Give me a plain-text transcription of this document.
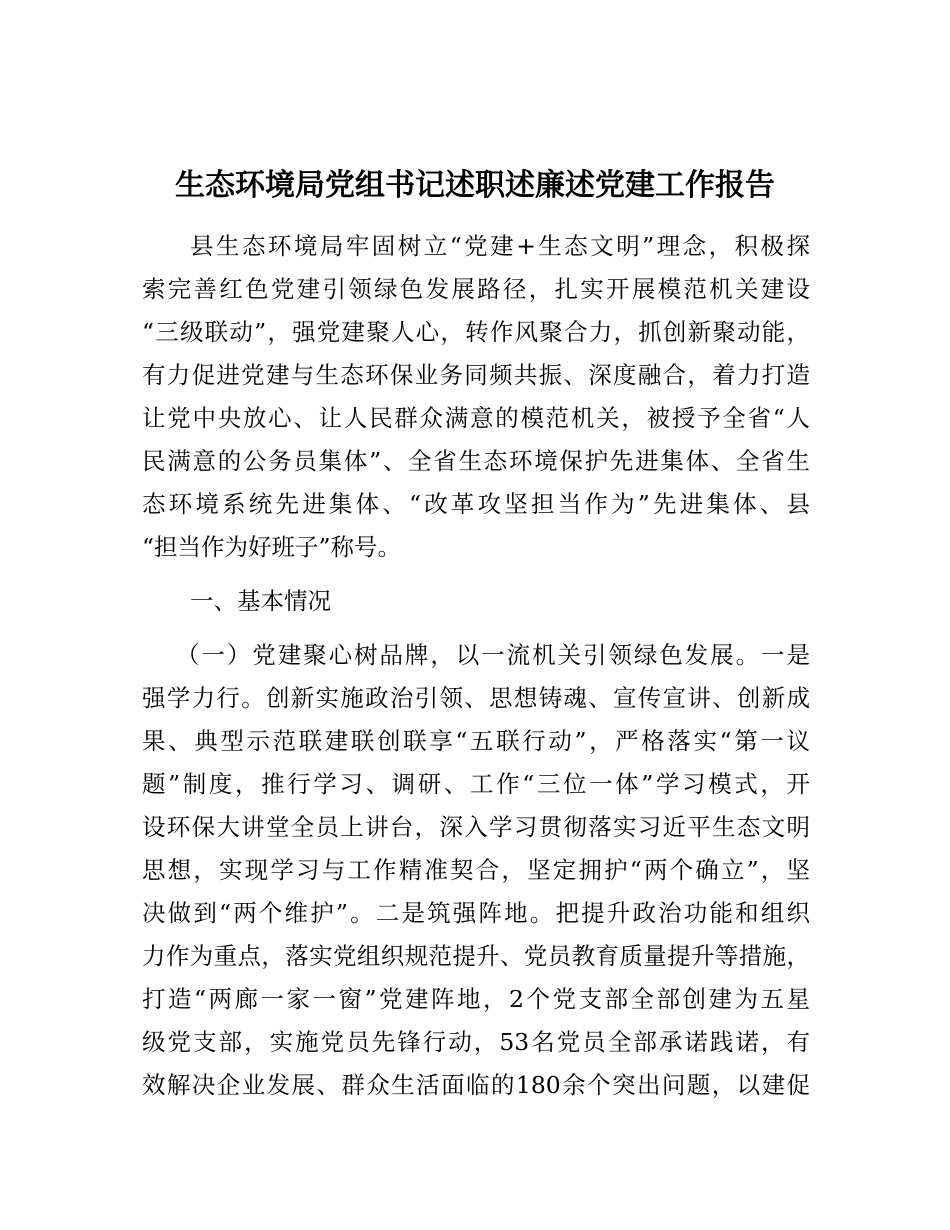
生态环境局党组书记述职述廉述党建工作报告
县生态环境局牢固树立“党建+生态文明”理念，积极探
索完善红色党建引领绿色发展路径，扎实开展模范机关建设
“三级联动”，强党建聚人心，转作风聚合力，抓创新聚动能，
有力促进党建与生态环保业务同频共振、深度融合，着力打造
让党中央放心、让人民群众满意的模范机关，被授予全省“人
民满意的公务员集体”、全省生态环境保护先进集体、全省生
态环境系统先进集体、“改革攻坚担当作为”先进集体、县
“担当作为好班子”称号。
一、基本情况
（一）党建聚心树品牌，以一流机关引领绿色发展。一是
强学力行。创新实施政治引领、思想铸魂、宣传宣讲、创新成
果、典型示范联建联创联享“五联行动”，严格落实“第一议
题”制度，推行学习、调研、工作“三位一体”学习模式，开
设环保大讲堂全员上讲台，深入学习贯彻落实习近平生态文明
思想，实现学习与工作精准契合，坚定拥护“两个确立”，坚
决做到“两个维护”。二是筑强阵地。把提升政治功能和组织
力作为重点，落实党组织规范提升、党员教育质量提升等措施，
打造“两廊一家一窗”党建阵地，2个党支部全部创建为五星
级党支部，实施党员先锋行动，53名党员全部承诺践诺，有
效解决企业发展、群众生活面临的180余个突出问题，以建促
